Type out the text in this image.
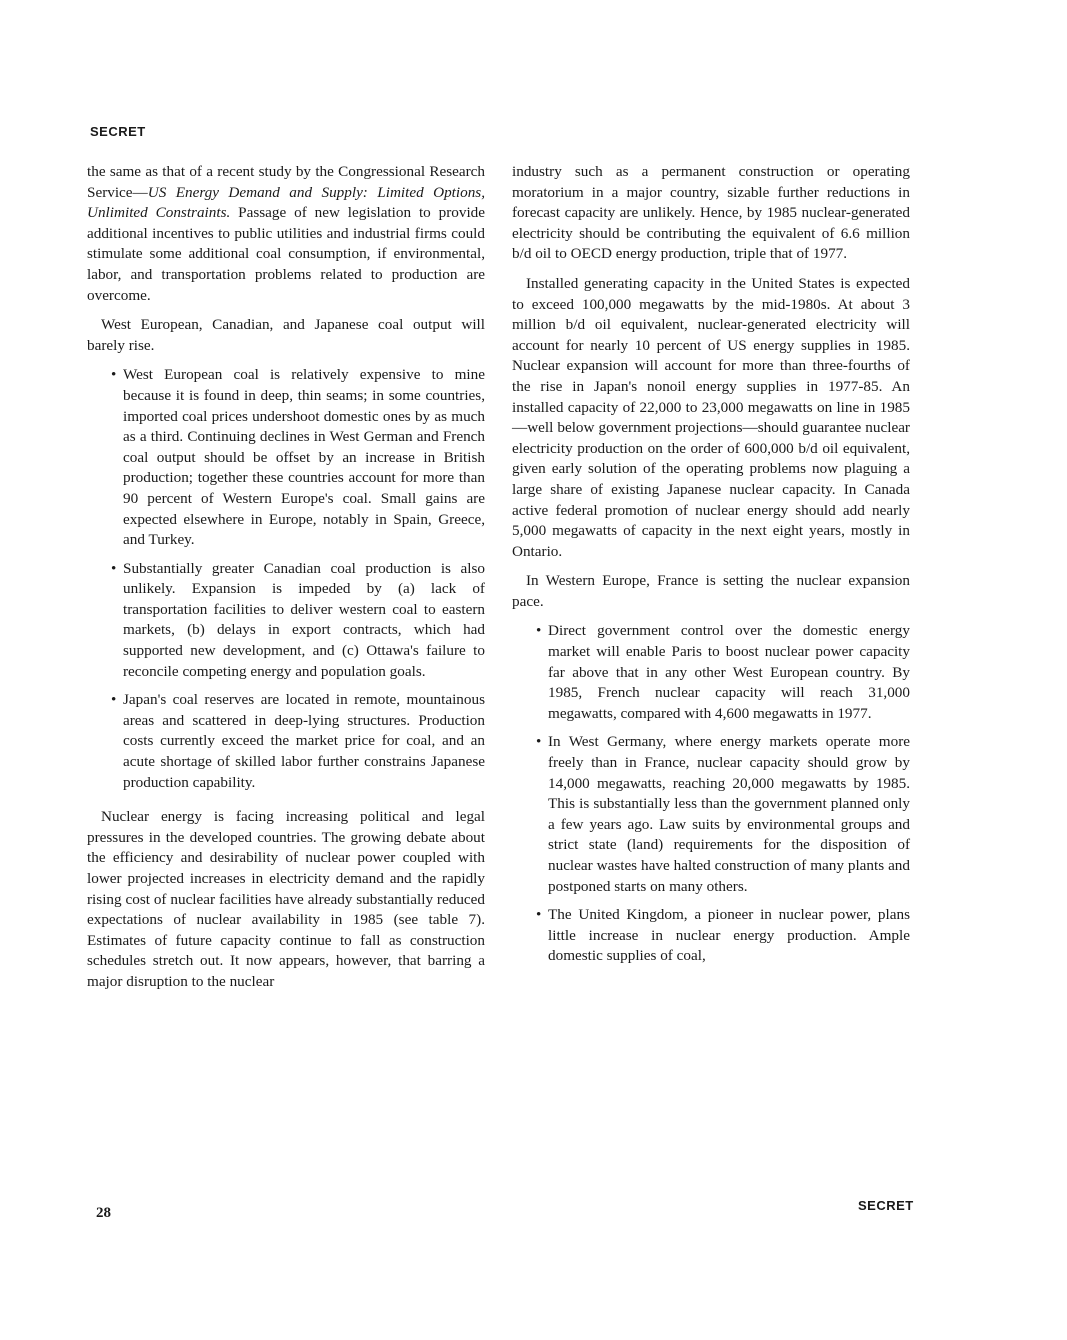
SECRET

the same as that of a recent study by the Congressional Research Service—US Energy Demand and Supply: Limited Options, Unlimited Constraints. Passage of new legislation to provide additional incentives to public utilities and industrial firms could stimulate some additional coal consumption, if environmental, labor, and transportation problems related to production are overcome.

West European, Canadian, and Japanese coal output will barely rise.

• West European coal is relatively expensive to mine because it is found in deep, thin seams; in some countries, imported coal prices undershoot domestic ones by as much as a third. Continuing declines in West German and French coal output should be offset by an increase in British production; together these countries account for more than 90 percent of Western Europe's coal. Small gains are expected elsewhere in Europe, notably in Spain, Greece, and Turkey.
• Substantially greater Canadian coal production is also unlikely. Expansion is impeded by (a) lack of transportation facilities to deliver western coal to eastern markets, (b) delays in export contracts, which had supported new development, and (c) Ottawa's failure to reconcile competing energy and population goals.
• Japan's coal reserves are located in remote, mountainous areas and scattered in deep-lying structures. Production costs currently exceed the market price for coal, and an acute shortage of skilled labor further constrains Japanese production capability.

Nuclear energy is facing increasing political and legal pressures in the developed countries. The growing debate about the efficiency and desirability of nuclear power coupled with lower projected increases in electricity demand and the rapidly rising cost of nuclear facilities have already substantially reduced expectations of nuclear availability in 1985 (see table 7). Estimates of future capacity continue to fall as construction schedules stretch out. It now appears, however, that barring a major disruption to the nuclear

industry such as a permanent construction or operating moratorium in a major country, sizable further reductions in forecast capacity are unlikely. Hence, by 1985 nuclear-generated electricity should be contributing the equivalent of 6.6 million b/d oil to OECD energy production, triple that of 1977.

Installed generating capacity in the United States is expected to exceed 100,000 megawatts by the mid-1980s. At about 3 million b/d oil equivalent, nuclear-generated electricity will account for nearly 10 percent of US energy supplies in 1985. Nuclear expansion will account for more than three-fourths of the rise in Japan's nonoil energy supplies in 1977-85. An installed capacity of 22,000 to 23,000 megawatts on line in 1985—well below government projections—should guarantee nuclear electricity production on the order of 600,000 b/d oil equivalent, given early solution of the operating problems now plaguing a large share of existing Japanese nuclear capacity. In Canada active federal promotion of nuclear energy should add nearly 5,000 megawatts of capacity in the next eight years, mostly in Ontario.

In Western Europe, France is setting the nuclear expansion pace.

• Direct government control over the domestic energy market will enable Paris to boost nuclear power capacity far above that in any other West European country. By 1985, French nuclear capacity will reach 31,000 megawatts, compared with 4,600 megawatts in 1977.
• In West Germany, where energy markets operate more freely than in France, nuclear capacity should grow by 14,000 megawatts, reaching 20,000 megawatts by 1985. This is substantially less than the government planned only a few years ago. Law suits by environmental groups and strict state (land) requirements for the disposition of nuclear wastes have halted construction of many plants and postponed starts on many others.
• The United Kingdom, a pioneer in nuclear power, plans little increase in nuclear energy production. Ample domestic supplies of coal,
28	SECRET
